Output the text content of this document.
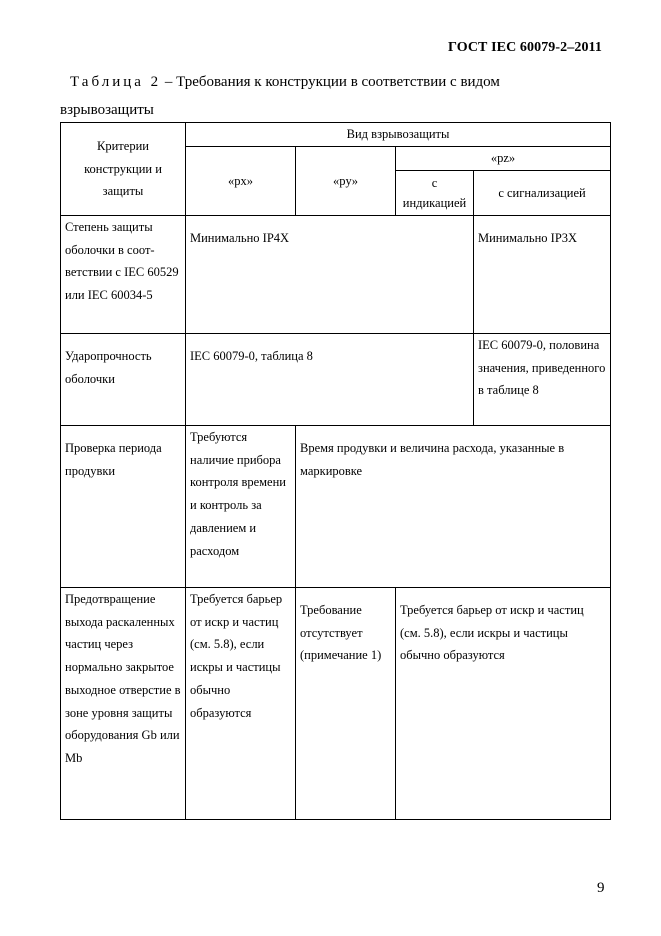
ГОСТ IEC 60079-2–2011
Таблица 2 – Требования к конструкции в соответствии с видом
взрывозащиты
Критерии конструкции и защиты	Вид взрывозащиты			
	«px»	«py»	«pz»	
			с индикацией	с сигнализацией
Степень защиты оболочки в соот-ветствии с IEC 60529 или IEC 60034-5	Минимально IP4X			Минимально IP3X
Ударопрочность оболочки	IEC 60079-0, таблица 8			IEC 60079-0, половина значения, приведенного в таблице 8
Проверка периода продувки	Требуются наличие прибора контроля времени и контроль за давлением и расходом	Время продувки и величина расхода, указанные в маркировке		
Предотвращение выхода раскаленных частиц через нормально закрытое выходное отверстие в зоне уровня защиты оборудования Gb или Mb	Требуется барьер от искр и частиц (см. 5.8), если искры и частицы обычно образуются	Требование отсутствует (примечание 1)	Требуется барьер от искр и частиц (см. 5.8), если искры и частицы обычно образуются	
9
